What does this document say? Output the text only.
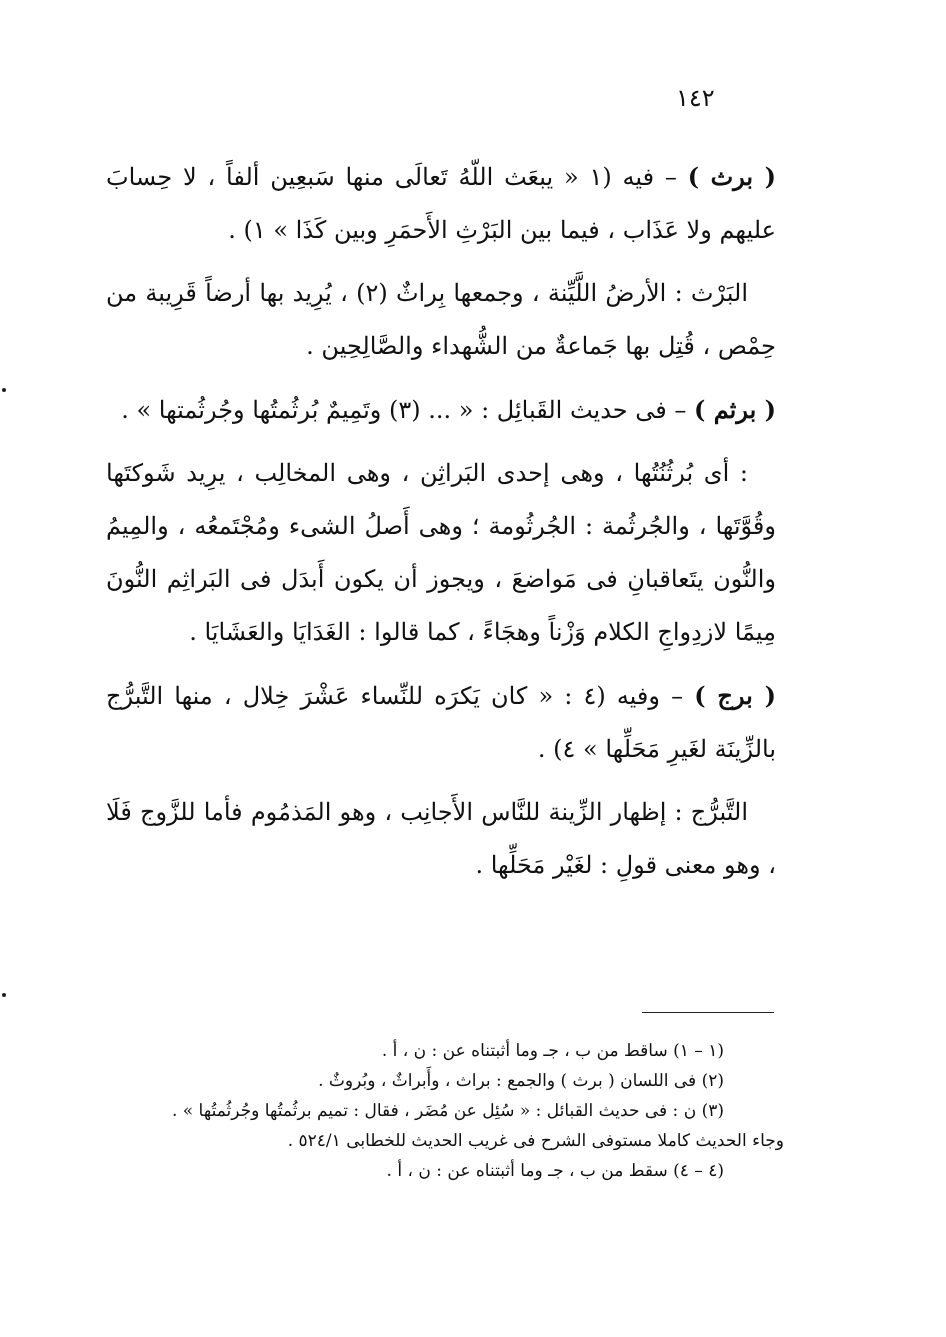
١٤٢

( برث ) – فيه (١ « يبعَث اللّهُ تَعالَى منها سَبعِين ألفاً ، لا حِسابَ عليهم ولا عَذَاب ، فيما بين البَرْثِ الأَحمَرِ وبين كَذَا » ١) .

البَرْث : الأرضُ اللَّيِّنة ، وجمعها بِراثٌ (٢) ، يُرِيد بها أرضاً قَرِيبة من حِمْص ، قُتِل بها جَماعةٌ من الشُّهداء والصَّالِحِين .

( برثم ) – فى حديث القَبائِل : « ... (٣) وتَمِيمٌ بُرثُمتُها وجُرثُمتها » .

: أى بُرثُنُتُها ، وهى إحدى البَراثِن ، وهى المخالِب ، يرِيد شَوكتَها وقُوَّتَها ، والجُرثُمة : الجُرثُومة ؛ وهى أَصلُ الشىء ومُجْتَمعُه ، والمِيمُ والنُّون يتَعاقبانِ فى مَواضعَ ، ويجوز أن يكون أَبدَل فى البَراثِم النُّونَ مِيمًا لازدِواجِ الكلام وَزْناً وهجَاءً ، كما قالوا : الغَدَايَا والعَشَايَا .

( برج ) – وفيه (٤ : « كان يَكرَه للنِّساء عَشْرَ خِلال ، منها التَّبرُّج بالزِّينَة لغَيرِ مَحَلِّها » ٤) .

التَّبرُّج : إظهار الزِّينة للنَّاس الأَجانِب ، وهو المَذمُوم فأما للزَّوج فَلَا ، وهو معنى قولِ : لغَيْر مَحَلِّها .

(١ – ١) ساقط من ب ، جـ وما أثبتناه عن : ن ، أ .

(٢) فى اللسان ( برث ) والجمع : براث ، وأَبراثٌ ، وبُروثٌ .

(٣) ن : فى حديث القبائل : « سُئِل عن مُضَر ، فقال : تميم برثُمتُها وجُرثُمتُها » .

وجاء الحديث كاملا مستوفى الشرح فى غريب الحديث للخطابى ٥٢٤/١ .

(٤ – ٤) سقط من ب ، جـ وما أثبتناه عن : ن ، أ .
